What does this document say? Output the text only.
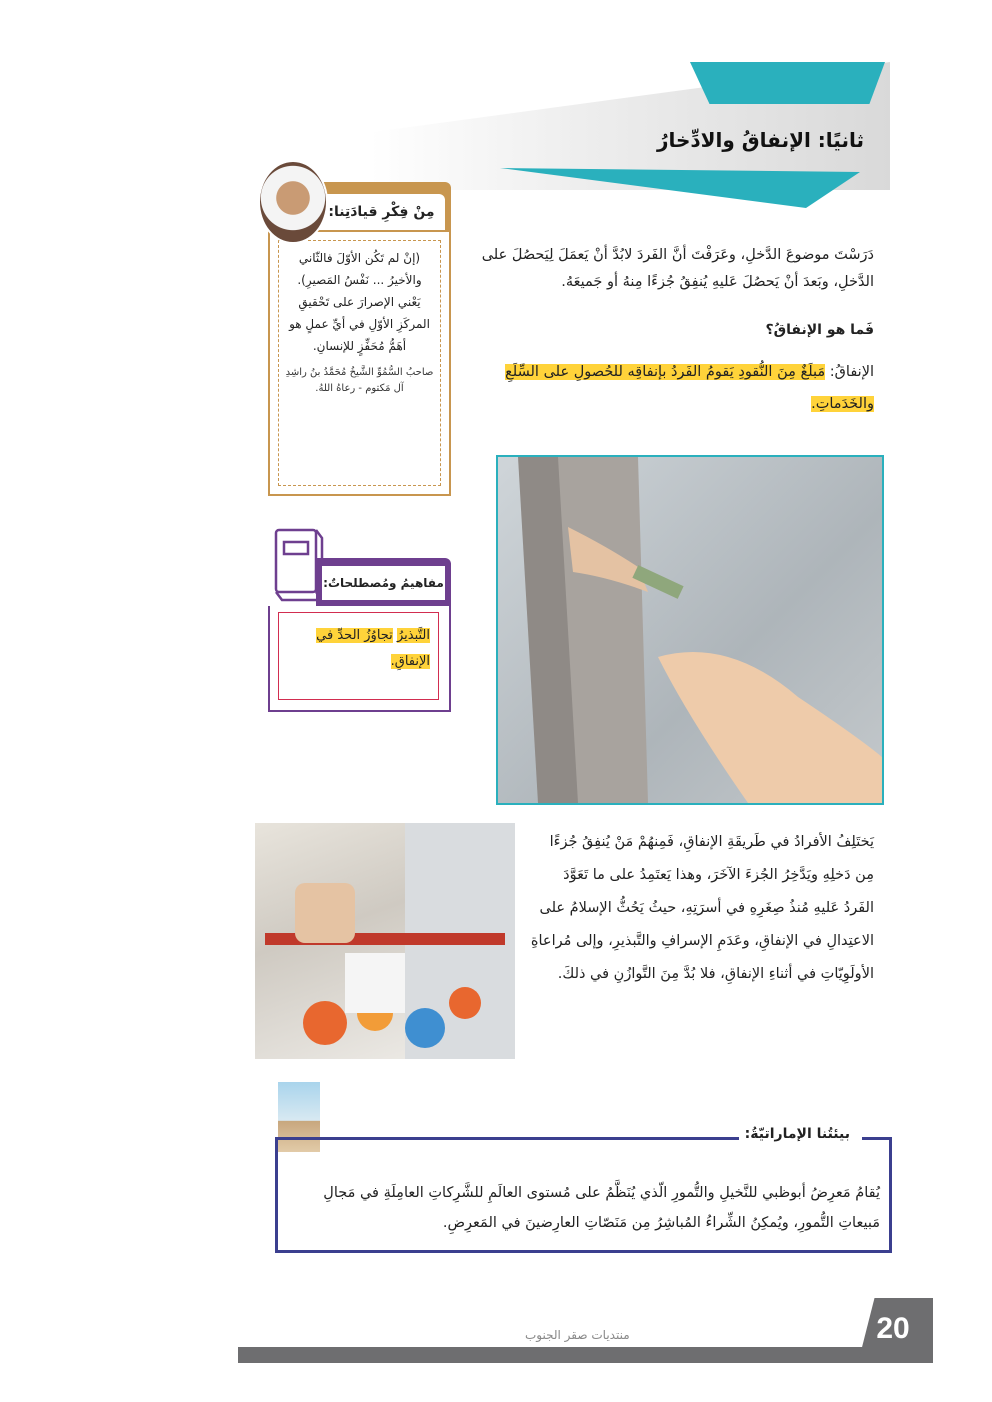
ثانيًا: الإنفاقُ والادِّخارُ
مِنْ فِكْرِ قيادَتِنا:
(إنْ لم تَكُن الأوّلَ فالثّاني والأخيرُ ... نَفْسُ المَصيرِ). يَعْني الإصرارَ على تَحْقيقِ المركَزِ الأوّلِ في أيِّ عملٍ هو أهَمُّ مُحَفِّزٍ للإنسانِ.
صاحبُ السُّمُوِّ الشَّيخُ مُحَمَّدُ بنُ راشِدِ آل مَكتوم - رعاهُ اللهُ.
مفاهيمُ ومُصطلحاتٌ:
التَّبذيرُ تجاوُزُ الحدِّ في الإنفاقِ.
دَرَسْتَ موضوعَ الدَّخلِ، وعَرَفْتَ أنَّ الفَردَ لابُدَّ أنْ يَعمَلَ لِيَحصُلَ على الدَّخلِ، وبَعدَ أنْ يَحصُلَ عَليهِ يُنفِقُ جُزءًا مِنهُ أو جَميعَهُ.
فَما هو الإنفاقُ؟
الإنفاقُ: مَبلَغٌ مِنَ النُّقودِ يَقومُ الفَردُ بإنفاقِه للحُصولِ على السِّلَعِ والخَدَماتِ.
يَختَلِفُ الأفرادُ في طَريقَةِ الإنفاقِ، فَمِنهُمْ مَنْ يُنفِقُ جُزءًا مِن دَخلِهِ ويَدَّخِرُ الجُزءَ الآخَرَ، وهذا يَعتَمِدُ على ما تَعَوَّدَ الفَردُ عَليهِ مُنذُ صِغَرِهِ في أسرَتِهِ، حيثُ يَحُثُّ الإسلامُ على الاعتِدالِ في الإنفاقِ، وعَدَمِ الإسرافِ والتَّبذيرِ، وإلى مُراعاةِ الأولَوِيّاتِ في أثناءِ الإنفاقِ، فلا بُدَّ مِنَ التَّوازُنِ في ذلكَ.
بيئتُنا الإماراتيّةُ:
يُقامُ مَعرِضُ أبوظبي للنَّخيلِ والتُّمورِ الّذي يُنَظَّمُ على مُستوى العالَمِ للشَّرِكاتِ العامِلَةِ في مَجالِ مَبيعاتِ التُّمورِ، ويُمكِنُ الشِّراءُ المُباشِرُ مِن مَنَصّاتِ العارِضينَ في المَعرِضِ.
20
منتديات صقر الجنوب
